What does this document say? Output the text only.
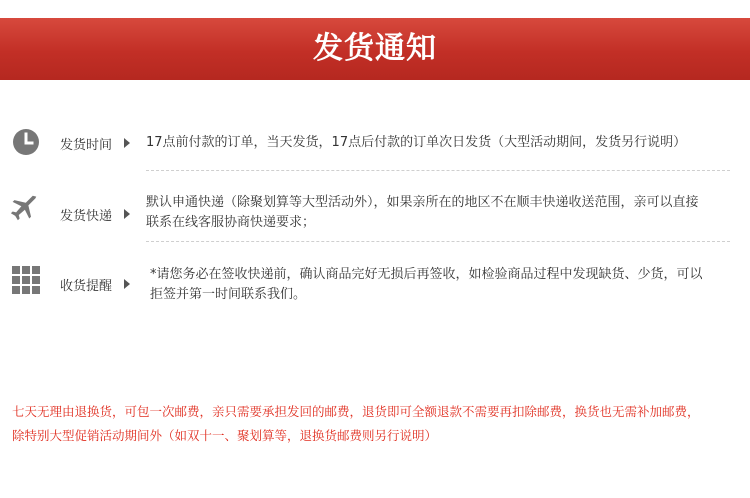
发货通知
发货时间	17点前付款的订单，当天发货，17点后付款的订单次日发货（大型活动期间，发货另行说明）
发货快递
默认申通快递（除聚划算等大型活动外），如果亲所在的地区不在顺丰快递收送范围，亲可以直接
联系在线客服协商快递要求；
收货提醒
*请您务必在签收快递前，确认商品完好无损后再签收，如检验商品过程中发现缺货、少货，可以
拒签并第一时间联系我们。
七天无理由退换货，可包一次邮费，亲只需要承担发回的邮费，退货即可全额退款不需要再扣除邮费，换货也无需补加邮费，
除特别大型促销活动期间外（如双十一、聚划算等，退换货邮费则另行说明）
